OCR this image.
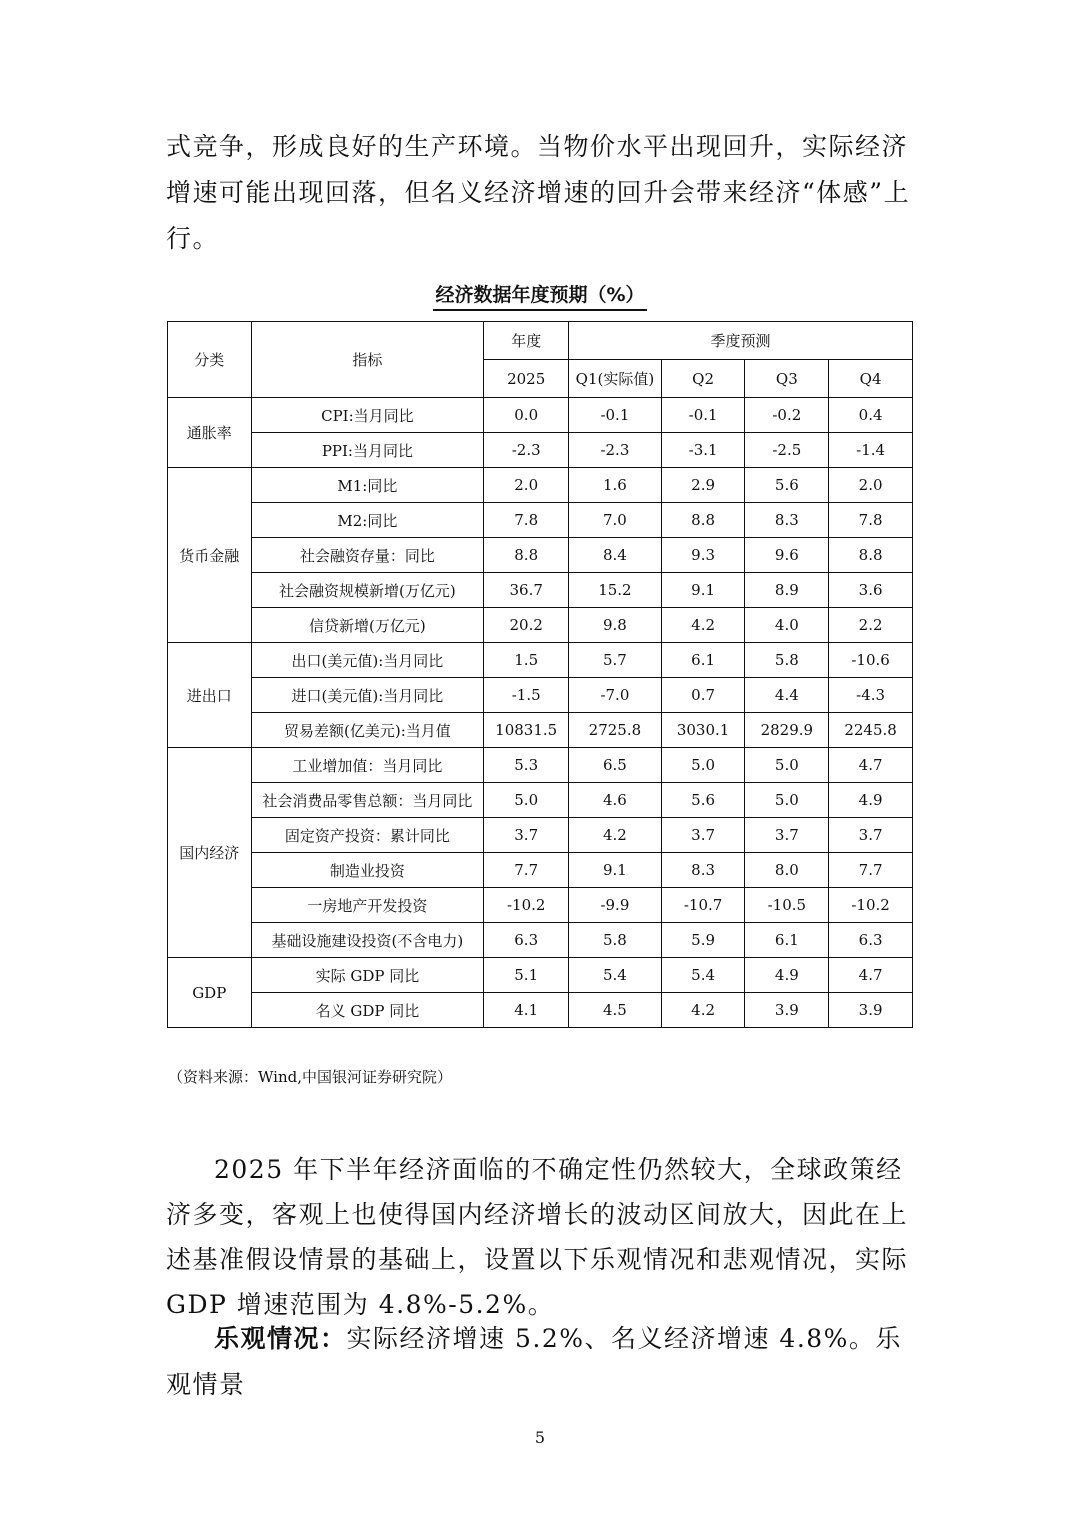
式竞争，形成良好的生产环境。当物价水平出现回升，实际经济增速可能出现回落，但名义经济增速的回升会带来经济“体感”上行。

经济数据年度预期（%）
分类	指标	年度	季度预测			
		2025	Q1(实际值)	Q2	Q3	Q4
通胀率	CPI:当月同比	0.0	-0.1	-0.1	-0.2	0.4
	PPI:当月同比	-2.3	-2.3	-3.1	-2.5	-1.4
货币金融	M1:同比	2.0	1.6	2.9	5.6	2.0
	M2:同比	7.8	7.0	8.8	8.3	7.8
	社会融资存量：同比	8.8	8.4	9.3	9.6	8.8
	社会融资规模新增(万亿元)	36.7	15.2	9.1	8.9	3.6
	信贷新增(万亿元)	20.2	9.8	4.2	4.0	2.2
进出口	出口(美元值):当月同比	1.5	5.7	6.1	5.8	-10.6
	进口(美元值):当月同比	-1.5	-7.0	0.7	4.4	-4.3
	贸易差额(亿美元):当月值	10831.5	2725.8	3030.1	2829.9	2245.8
国内经济	工业增加值：当月同比	5.3	6.5	5.0	5.0	4.7
	社会消费品零售总额：当月同比	5.0	4.6	5.6	5.0	4.9
	固定资产投资：累计同比	3.7	4.2	3.7	3.7	3.7
	制造业投资	7.7	9.1	8.3	8.0	7.7
	一房地产开发投资	-10.2	-9.9	-10.7	-10.5	-10.2
	基础设施建设投资(不含电力)	6.3	5.8	5.9	6.1	6.3
GDP	实际 GDP 同比	5.1	5.4	5.4	4.9	4.7
	名义 GDP 同比	4.1	4.5	4.2	3.9	3.9
（资料来源：Wind,中国银河证券研究院）

2025 年下半年经济面临的不确定性仍然较大，全球政策经济多变，客观上也使得国内经济增长的波动区间放大，因此在上述基准假设情景的基础上，设置以下乐观情况和悲观情况，实际 GDP 增速范围为 4.8%-5.2%。

乐观情况：实际经济增速 5.2%、名义经济增速 4.8%。乐观情景

5
